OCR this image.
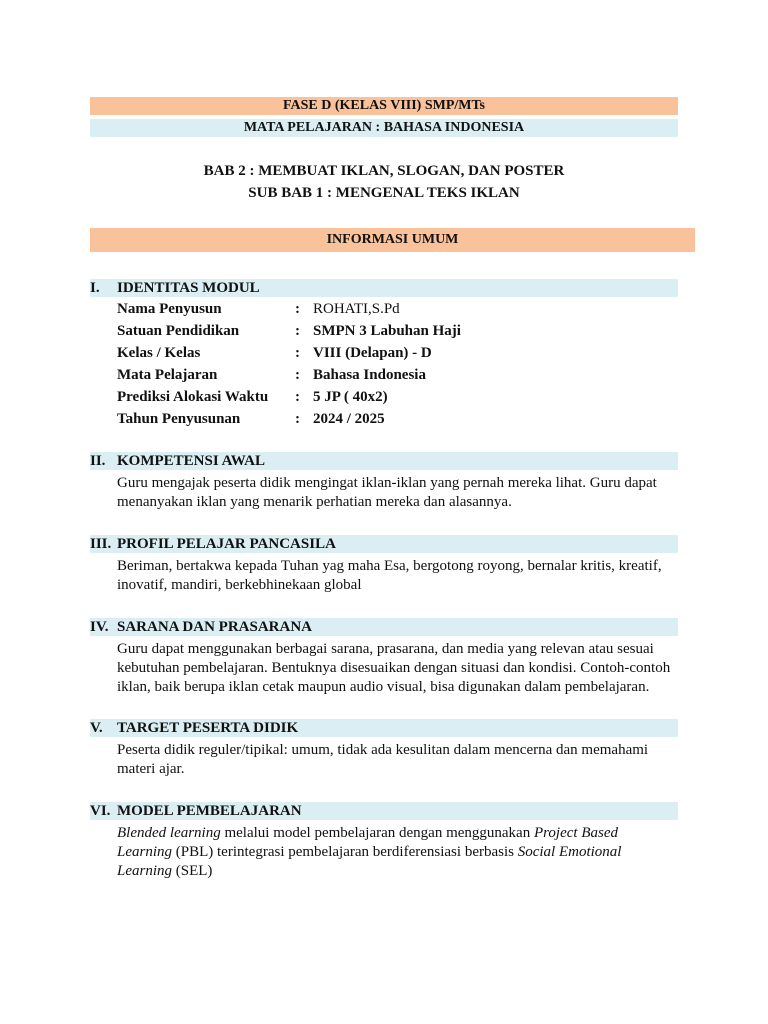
FASE D (KELAS VIII) SMP/MTs
MATA PELAJARAN : BAHASA INDONESIA
BAB 2 : MEMBUAT IKLAN, SLOGAN, DAN POSTER
SUB BAB 1 : MENGENAL TEKS IKLAN
INFORMASI UMUM
I. IDENTITAS MODUL
Nama Penyusun	: ROHATI,S.Pd
Satuan Pendidikan	: SMPN 3 Labuhan Haji
Kelas / Kelas	: VIII (Delapan) - D
Mata Pelajaran	: Bahasa Indonesia
Prediksi Alokasi Waktu : 5 JP ( 40x2)
Tahun Penyusunan	: 2024 / 2025
II. KOMPETENSI AWAL
Guru mengajak peserta didik mengingat iklan-iklan yang pernah mereka lihat. Guru dapat
menanyakan iklan yang menarik perhatian mereka dan alasannya.
III. PROFIL PELAJAR PANCASILA
Beriman, bertakwa kepada Tuhan yag maha Esa, bergotong royong, bernalar kritis, kreatif,
inovatif, mandiri, berkebhinekaan global
IV. SARANA DAN PRASARANA
Guru dapat menggunakan berbagai sarana, prasarana, dan media yang relevan atau sesuai
kebutuhan pembelajaran. Bentuknya disesuaikan dengan situasi dan kondisi. Contoh-contoh
iklan, baik berupa iklan cetak maupun audio visual, bisa digunakan dalam pembelajaran.
V. TARGET PESERTA DIDIK
Peserta didik reguler/tipikal: umum, tidak ada kesulitan dalam mencerna dan memahami
materi ajar.
VI. MODEL PEMBELAJARAN
Blended learning melalui model pembelajaran dengan menggunakan Project Based
Learning (PBL) terintegrasi pembelajaran berdiferensiasi berbasis Social Emotional
Learning (SEL)
